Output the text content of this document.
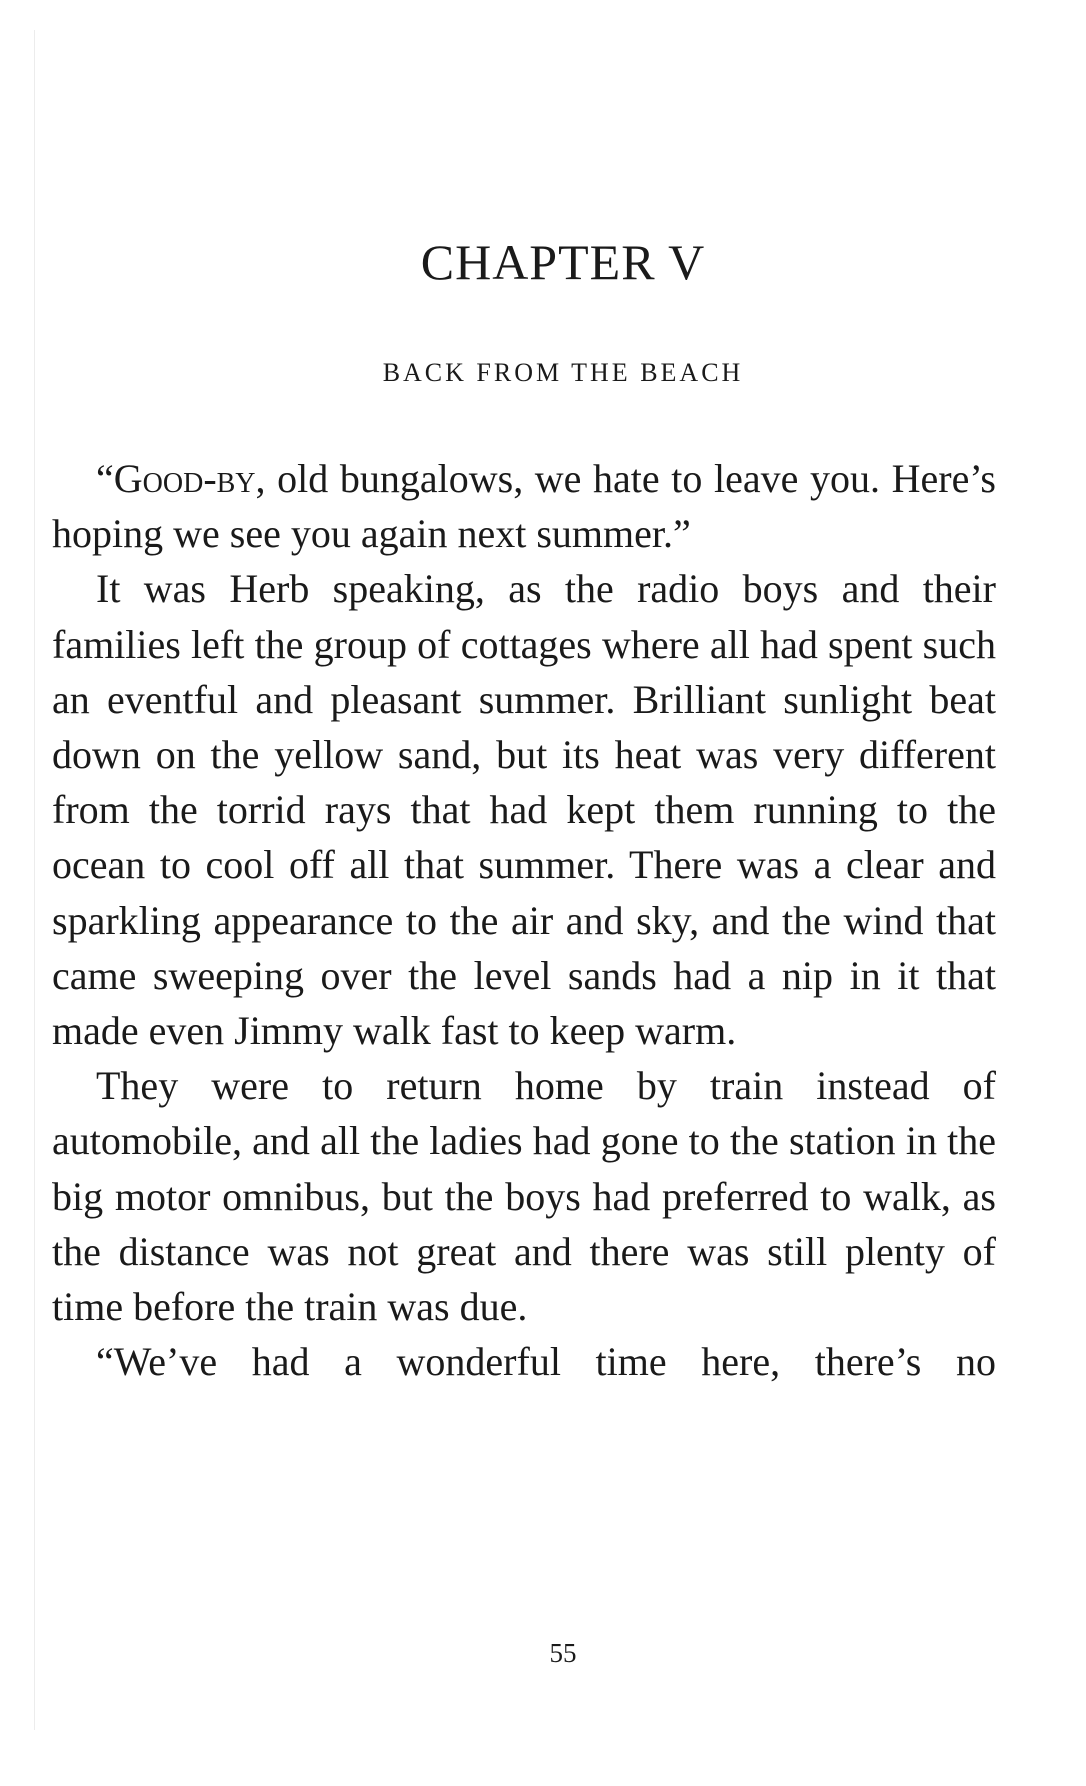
CHAPTER V
BACK FROM THE BEACH

“Good-by, old bungalows, we hate to leave you. Here’s hoping we see you again next summer.”

It was Herb speaking, as the radio boys and their families left the group of cottages where all had spent such an eventful and pleasant summer. Brilliant sunlight beat down on the yellow sand, but its heat was very different from the torrid rays that had kept them running to the ocean to cool off all that summer. There was a clear and sparkling appearance to the air and sky, and the wind that came sweeping over the level sands had a nip in it that made even Jimmy walk fast to keep warm.

They were to return home by train instead of automobile, and all the ladies had gone to the station in the big motor omnibus, but the boys had preferred to walk, as the distance was not great and there was still plenty of time before the train was due.

“We’ve had a wonderful time here, there’s no

55
